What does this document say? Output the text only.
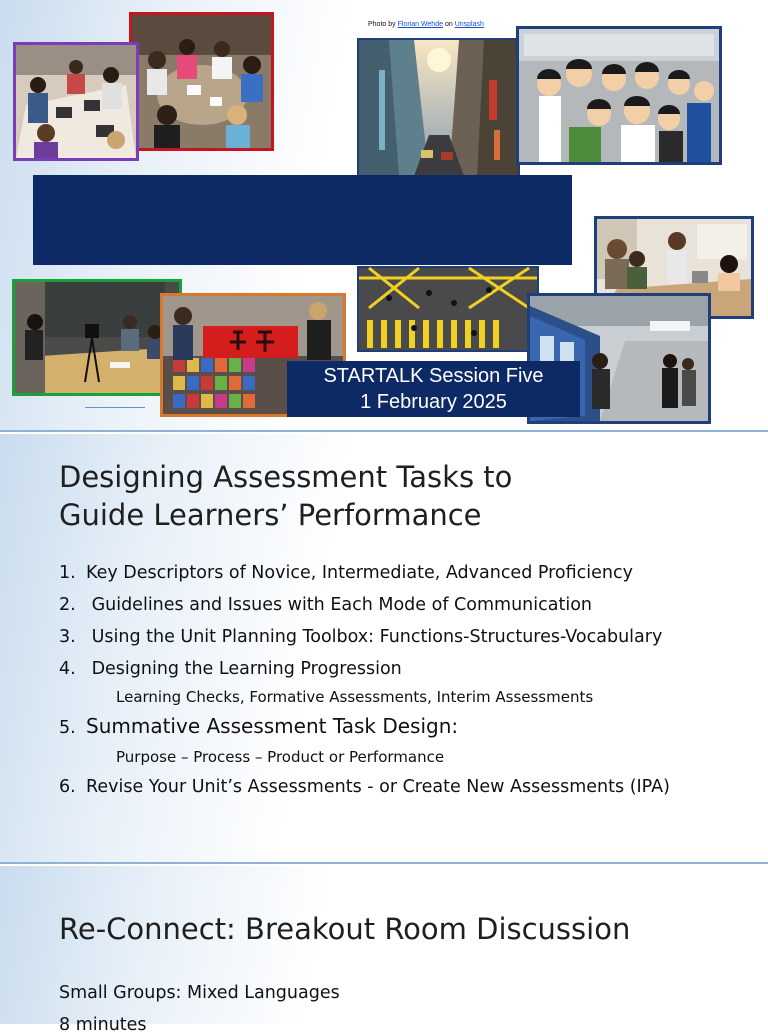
Photo by Florian Wehde on Unsplash
STARTALK Session Five
1 February 2025
Designing Assessment Tasks to
Guide Learners’ Performance
1. Key Descriptors of Novice, Intermediate, Advanced Proficiency
2. Guidelines and Issues with Each Mode of Communication
3. Using the Unit Planning Toolbox: Functions-Structures-Vocabulary
4. Designing the Learning Progression
Learning Checks, Formative Assessments, Interim Assessments
5. Summative Assessment Task Design:
Purpose – Process – Product or Performance
6. Revise Your Unit’s Assessments - or Create New Assessments (IPA)
Re-Connect: Breakout Room Discussion
Small Groups: Mixed Languages
8 minutes
